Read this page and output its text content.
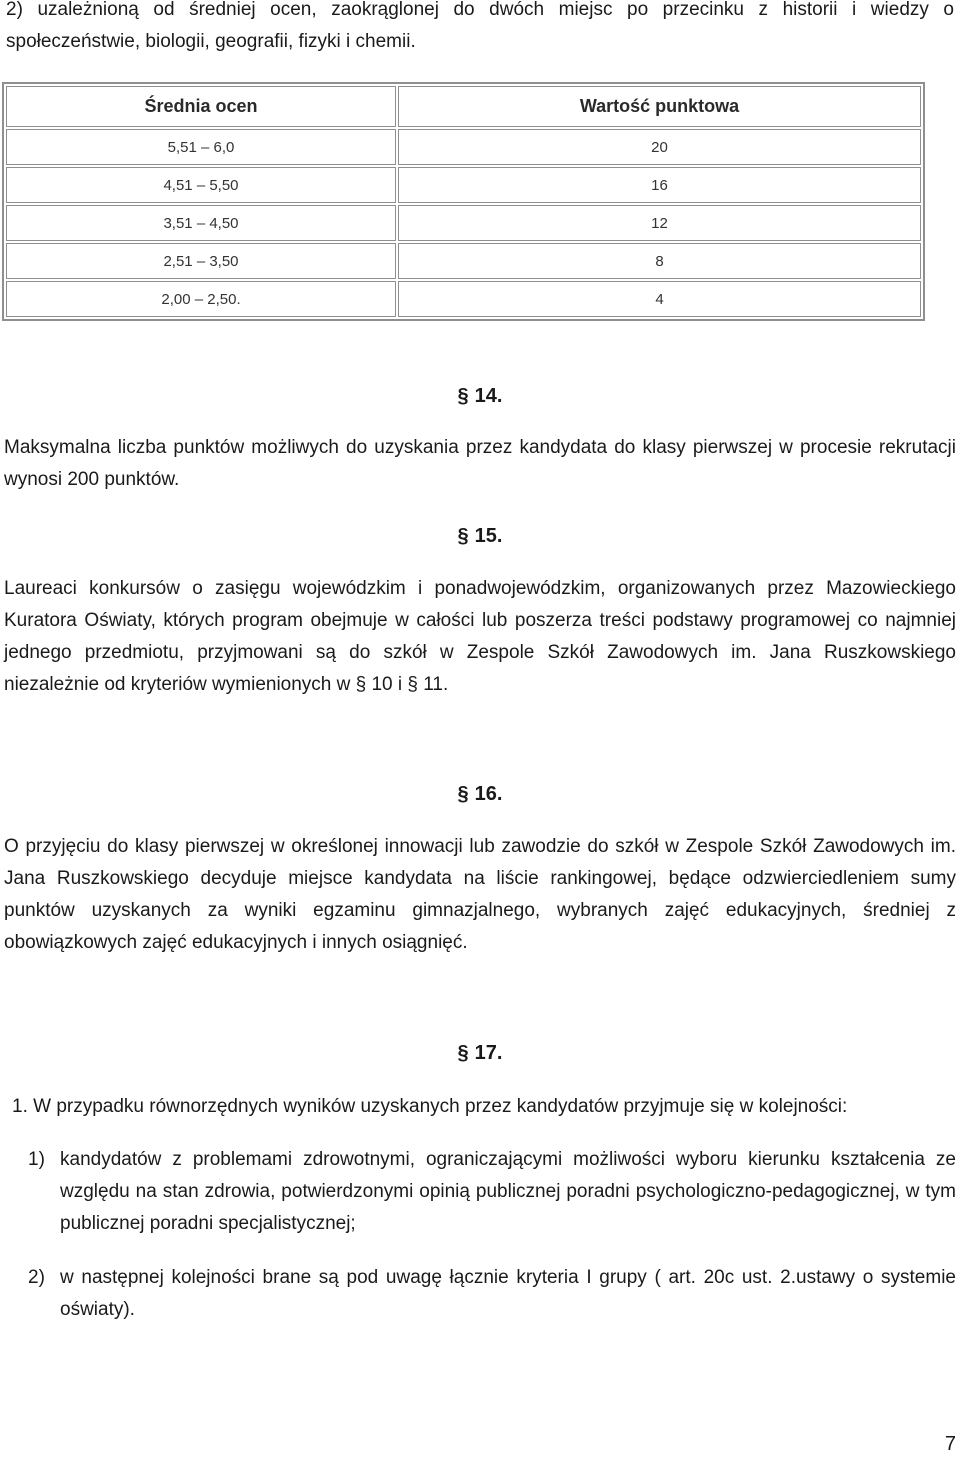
2) uzależnioną od średniej ocen, zaokrąglonej do dwóch miejsc po przecinku z historii i wiedzy o społeczeństwie, biologii, geografii, fizyki i chemii.
Średnia ocen	Wartość punktowa
5,51 – 6,0	20
4,51 – 5,50	16
3,51 – 4,50	12
2,51 – 3,50	8
2,00 – 2,50.	4
§ 14.
Maksymalna liczba punktów możliwych do uzyskania przez kandydata do klasy pierwszej w procesie rekrutacji wynosi 200 punktów.
§ 15.
Laureaci konkursów o zasięgu wojewódzkim i ponadwojewódzkim, organizowanych przez Mazowieckiego Kuratora Oświaty, których program obejmuje w całości lub poszerza treści podstawy programowej co najmniej jednego przedmiotu, przyjmowani są do szkół w Zespole Szkół Zawodowych im. Jana Ruszkowskiego niezależnie od kryteriów wymienionych w § 10 i § 11.
§ 16.
O przyjęciu do klasy pierwszej w określonej innowacji lub zawodzie do szkół w Zespole Szkół Zawodowych im. Jana Ruszkowskiego decyduje miejsce kandydata na liście rankingowej, będące odzwierciedleniem sumy punktów uzyskanych za wyniki egzaminu gimnazjalnego, wybranych zajęć edukacyjnych, średniej z obowiązkowych zajęć edukacyjnych i innych osiągnięć.
§ 17.
1. W przypadku równorzędnych wyników uzyskanych przez kandydatów przyjmuje się w kolejności:
1) kandydatów z problemami zdrowotnymi, ograniczającymi możliwości wyboru kierunku kształcenia ze względu na stan zdrowia, potwierdzonymi opinią publicznej poradni psychologiczno-pedagogicznej, w tym publicznej poradni specjalistycznej;
2) w następnej kolejności brane są pod uwagę łącznie kryteria I grupy ( art. 20c ust. 2.ustawy o systemie oświaty).
7
